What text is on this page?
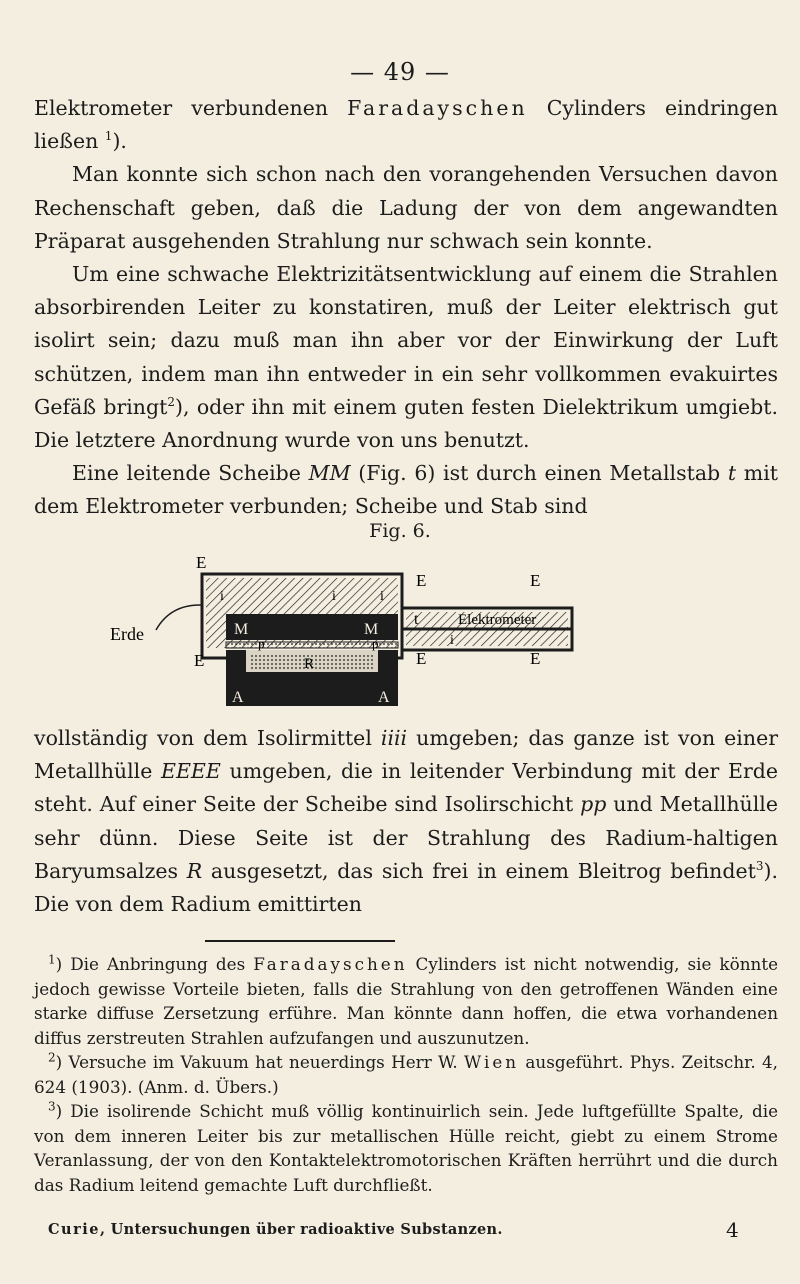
— 49 —

Elektrometer verbundenen Faradayschen Cylinders eindringen ließen $^1$).

Man konnte sich schon nach den vorangehenden Versuchen davon Rechenschaft geben, daß die Ladung der von dem angewandten Präparat ausgehenden Strahlung nur schwach sein konnte.

Um eine schwache Elektrizitätsentwicklung auf einem die Strahlen absorbirenden Leiter zu konstatiren, muß der Leiter elektrisch gut isolirt sein; dazu muß man ihn aber vor der Einwirkung der Luft schützen, indem man ihn entweder in ein sehr vollkommen evakuirtes Gefäß bringt$^2$), oder ihn mit einem guten festen Dielektrikum umgiebt. Die letztere Anordnung wurde von uns benutzt.

Eine leitende Scheibe MM (Fig. 6) ist durch einen Metallstab t mit dem Elektrometer verbunden; Scheibe und Stab sind

Fig. 6.
Erde
E
E	E
E	E	E
i	i	i
i
t	Elektrometer
M	M
p	p
R
A	A

vollständig von dem Isolirmittel iiii umgeben; das ganze ist von einer Metallhülle EEEE umgeben, die in leitender Verbindung mit der Erde steht. Auf einer Seite der Scheibe sind Isolirschicht pp und Metallhülle sehr dünn. Diese Seite ist der Strahlung des Radium-haltigen Baryumsalzes R ausgesetzt, das sich frei in einem Bleitrog befindet$^3$). Die von dem Radium emittirten

$^1$) Die Anbringung des Faradayschen Cylinders ist nicht notwendig, sie könnte jedoch gewisse Vorteile bieten, falls die Strahlung von den getroffenen Wänden eine starke diffuse Zersetzung erführe. Man könnte dann hoffen, die etwa vorhandenen diffus zerstreuten Strahlen aufzufangen und auszunutzen.

$^2$) Versuche im Vakuum hat neuerdings Herr W. Wien ausgeführt. Phys. Zeitschr. 4, 624 (1903). (Anm. d. Übers.)

$^3$) Die isolirende Schicht muß völlig kontinuirlich sein. Jede luftgefüllte Spalte, die von dem inneren Leiter bis zur metallischen Hülle reicht, giebt zu einem Strome Veranlassung, der von den Kontaktelektromotorischen Kräften herrührt und die durch das Radium leitend gemachte Luft durchfließt.

Curie, Untersuchungen über radioaktive Substanzen.	4
